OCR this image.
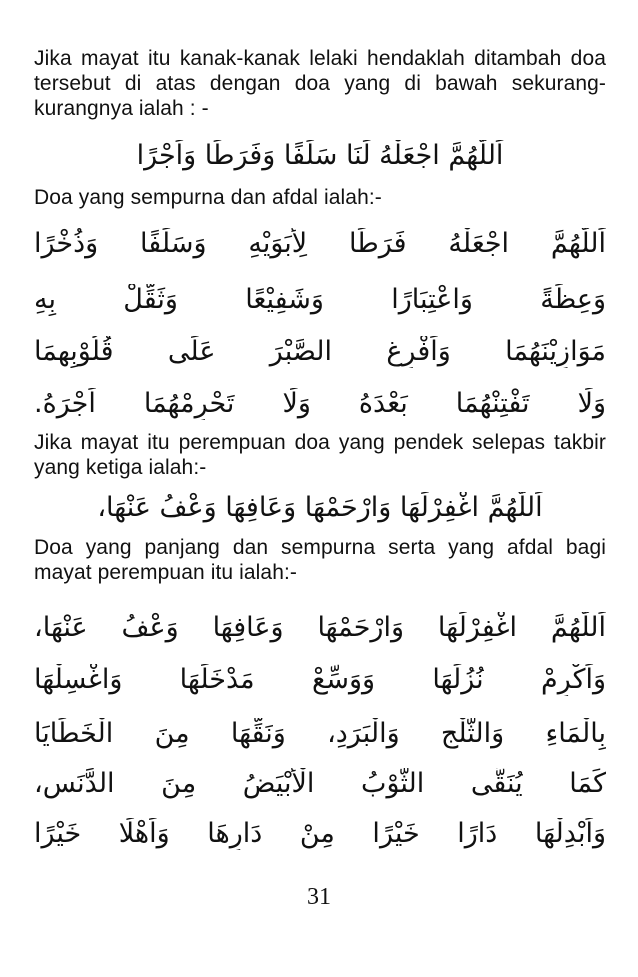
Jika mayat itu kanak-kanak lelaki hendaklah ditambah doa tersebut di atas dengan doa yang di bawah sekurang-kurangnya ialah : -
اَللّٰهُمَّ اجْعَلْهُ لَنَا سَلَفًا وَفَرَطًا وَاَجْرًا
Doa yang sempurna dan afdal ialah:-
اَللّٰهُمَّ اجْعَلْهُ فَرَطًا لِأَبَوَيْهِ وَسَلَفًا وَذُخْرًا
وَعِظَةً وَاعْتِبَارًا وَشَفِيْعًا وَثَقِّلْ بِهِ
مَوَازِيْنَهُمَا وَاَفْرِغِ الصَّبْرَ عَلَى قُلُوْبِهِمَا
وَلَا تَفْتِنْهُمَا بَعْدَهُ وَلَا تَحْرِمْهُمَا اَجْرَهُ.
Jika mayat itu perempuan doa yang pendek selepas takbir yang ketiga ialah:-
اَللّٰهُمَّ اغْفِرْلَهَا وَارْحَمْهَا وَعَافِهَا وَعْفُ عَنْهَا،
Doa yang panjang dan sempurna serta yang afdal bagi mayat perempuan itu ialah:-
اَللّٰهُمَّ اغْفِرْلَهَا وَارْحَمْهَا وَعَافِهَا وَعْفُ عَنْهَا،
وَاَكْرِمْ نُزُلَهَا وَوَسِّعْ مَدْخَلَهَا وَاغْسِلْهَا
بِالْمَاءِ وَالثَّلْجِ وَالْبَرَدِ، وَنَقِّهَا مِنَ الْخَطَايَا
كَمَا يُنَقَّى الثَّوْبُ الْأَبْيَضُ مِنَ الدَّنَسِ،
وَاَبْدِلْهَا دَارًا خَيْرًا مِنْ دَارِهَا وَاَهْلًا خَيْرًا
31
